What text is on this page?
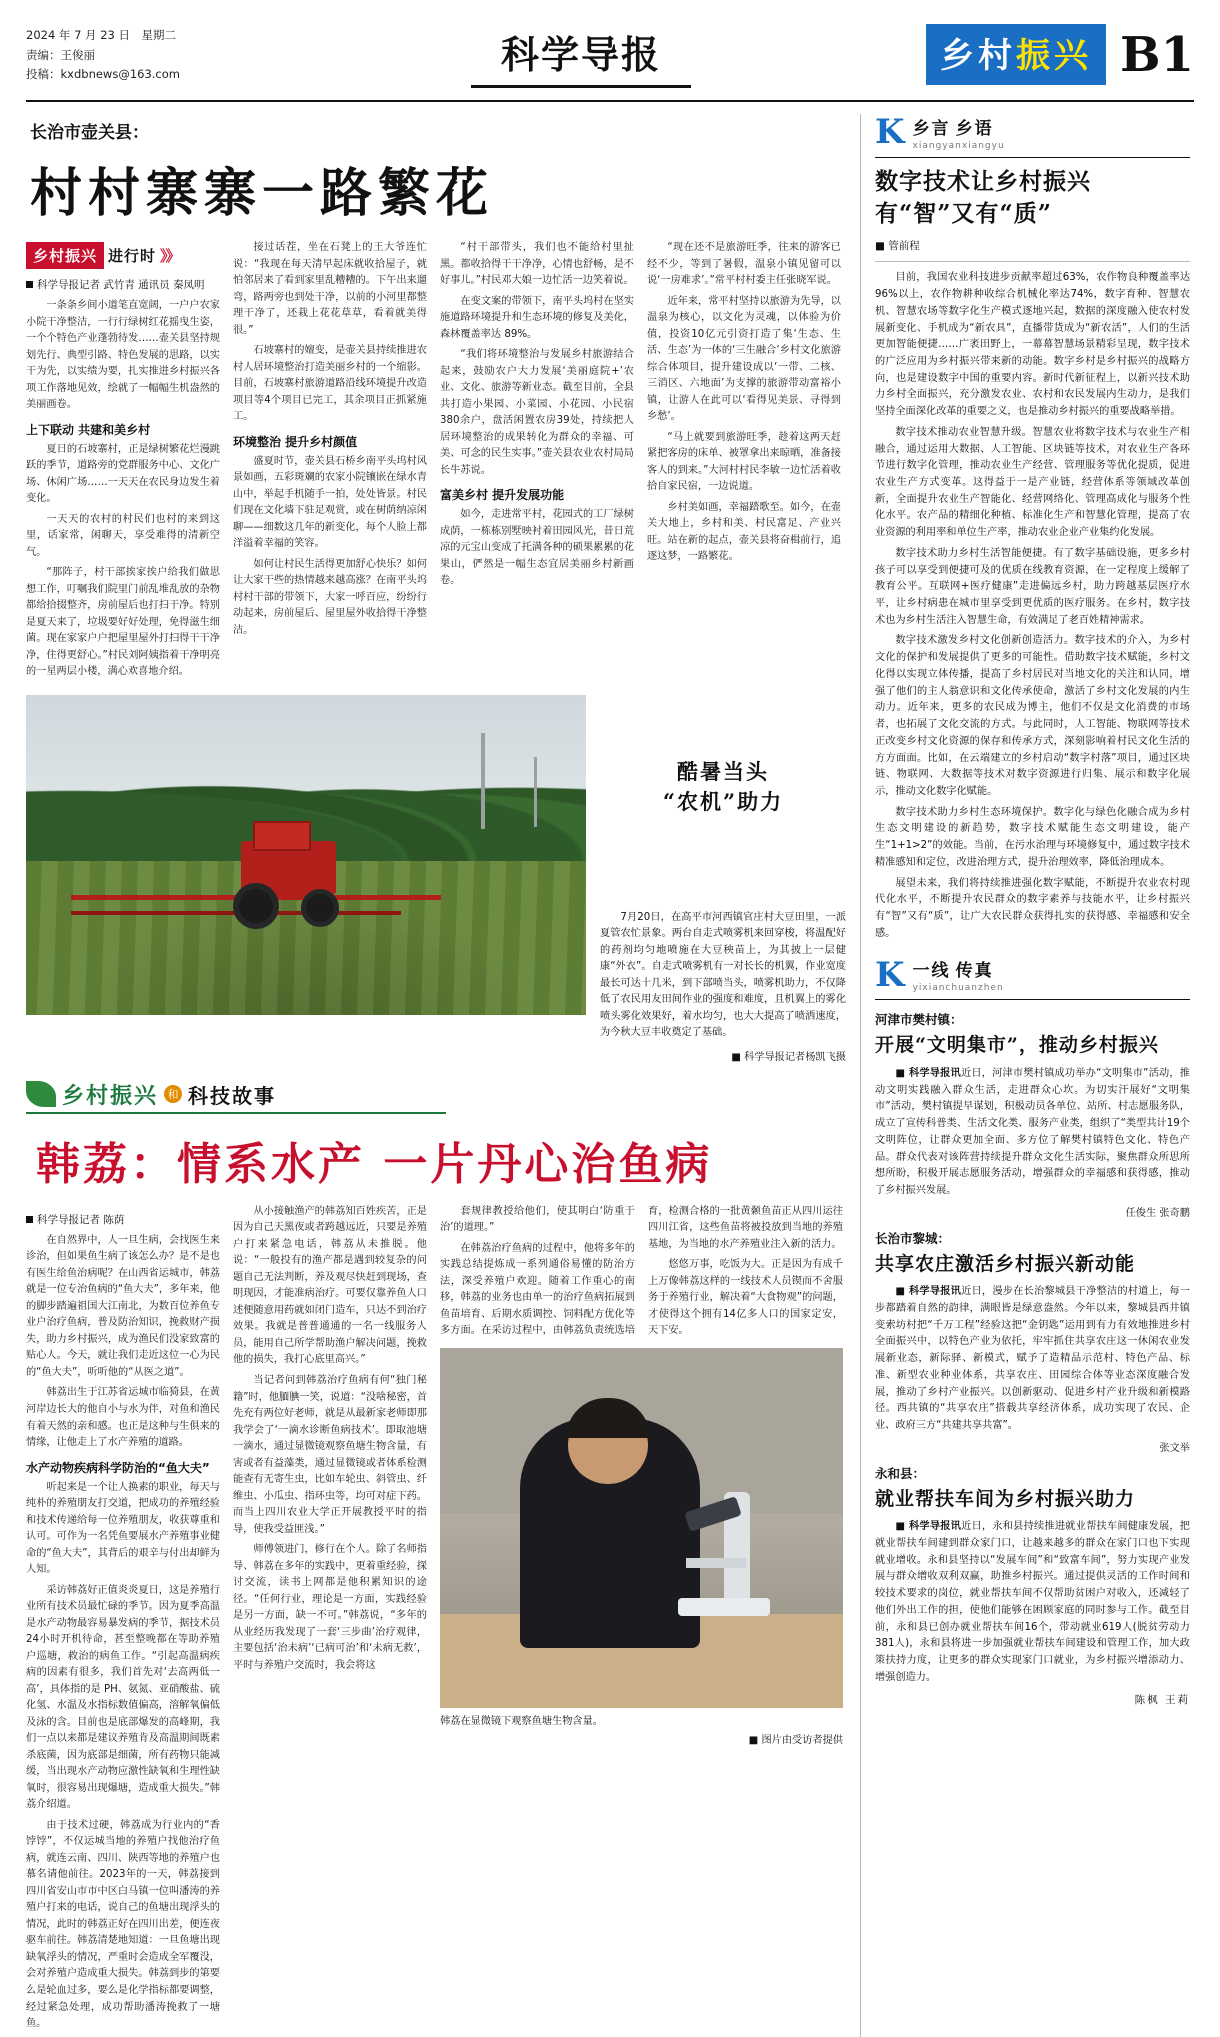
2024 年 7 月 23 日　星期二
责编：王俊丽
投稿：kxdbnews@163.com	科学导报	乡村振兴 B1
长治市壶关县：
村村寨寨一路繁花
乡村振兴 进行时 》》
科学导报记者 武竹青 通讯员 秦凤明

一条条乡间小道笔直宽阔，一户户农家小院干净整洁，一行行绿树红花摇曳生姿，一个个特色产业蓬勃待发……壶关县坚持规划先行、典型引路、特色发展的思路，以实干为先，以实绩为要，扎实推进乡村振兴各项工作落地见效，绘就了一幅幅生机盎然的美丽画卷。

上下联动 共建和美乡村

夏日的石坡寨村，正是绿树繁花烂漫跳跃的季节，道路旁的党群服务中心、文化广场、休闲广场……一天天在农民身边发生着变化。

一天天的农村的村民们也村的来到这里，话家常，闲聊天，享受难得的清新空气。

“那阵子，村干部挨家挨户给我们做思想工作，叮嘱我们院里门前乱堆乱放的杂物都给拾掇整齐，房前屋后也打扫干净。特别是夏天来了，垃圾要好好处理，免得滋生细菌。现在家家户户把屋里屋外打扫得干干净净，住得更舒心。”村民刘阿姨指着干净明亮的一星两层小楼，满心欢喜地介绍。

接过话茬，坐在石凳上的王大爷连忙说：“我现在每天清早起床就收拾屋子，就怕邻居来了看到家里乱糟糟的。下午出来遛弯，路两旁也到处干净，以前的小河里都整理干净了，还栽上花花草草，看着就美得很。”

石坡寨村的嬗变，是壶关县持续推进农村人居环境整治打造美丽乡村的一个缩影。目前，石坡寨村旅游道路沿线环境提升改造项目等4个项目已完工，其余项目正抓紧施工。

环境整治 提升乡村颜值

盛夏时节，壶关县石桥乡南平头坞村风景如画，五彩斑斓的农家小院镶嵌在绿水青山中，举起手机随手一拍，处处皆景。村民们现在文化墙下驻足观赏，或在树荫纳凉闲聊——细数这几年的新变化，每个人脸上都洋溢着幸福的笑容。

如何让村民生活得更加舒心快乐？如何让大家干些的热情越来越高涨？在南平头坞村村干部的带领下，大家一呼百应，纷纷行动起来，房前屋后、屋里屋外收拾得干净整洁。

“村干部带头，我们也不能给村里扯黑。都收拾得干干净净，心情也舒畅，是不好事儿。”村民邓大娘一边忙活一边笑着说。

在变文案的带领下，南平头坞村在坚实施道路环境提升和生态环境的修复及美化，森林覆盖率达 89%。

“我们将环境整治与发展乡村旅游结合起来，鼓励农户大力发展‘美丽庭院+’农业、文化、旅游等新业态。截至目前，全县共打造小果园、小菜园、小花园、小民宿380余户，盘活闲置农房39处，持续把人居环境整治的成果转化为群众的幸福、可美、可念的民生实事。”壶关县农业农村局局长牛苏说。

富美乡村 提升发展功能

如今，走进常平村，花园式的工厂绿树成荫，一栋栋别墅映衬着田园风光，昔日荒凉的元宝山变成了托满各种的硕果累累的花果山，俨然是一幅生态宜居美丽乡村新画卷。

“现在还不是旅游旺季，往来的游客已经不少，等到了暑假，温泉小镇见留可以说‘一房难求’。”常平村村委主任张晓军说。

近年来，常平村坚持以旅游为先导，以温泉为核心，以文化为灵魂，以体验为价值，投资10亿元引资打造了集‘生态、生活、生态’为一体的‘三生融合’乡村文化旅游综合体项目，提升建设成以‘一带、二核、三消区、六地面’为支撑的旅游带动富裕小镇，让游人在此可以‘看得见美景、寻得到乡愁’。

“马上就要到旅游旺季，趁着这两天赶紧把客房的床单、被罩拿出来晾晒，准备接客人的到来。”大河村村民李敏一边忙活着收拾自家民宿，一边说道。

乡村美如画，幸福踏歌至。如今，在壶关大地上，乡村和美、村民富足、产业兴旺。站在新的起点，壶关县将奋楫前行，追逐这梦，一路繁花。

酷暑当头
“农机”助力
7月20日，在高平市河西镇官庄村大豆田里，一派夏管农忙景象。两台自走式喷雾机来回穿梭，将温配好的药剂均匀地喷施在大豆秧苗上，为其披上一层健康“外衣”。自走式喷雾机有一对长长的机翼，作业宽度最长可达十几米，到下部喷当头，喷雾机助力，不仅降低了农民用友田间作业的强度和难度，且机翼上的雾化喷头雾化效果好，着水均匀，也大大提高了喷洒速度，为今秋大豆丰收奠定了基础。
■ 科学导报记者杨凯飞摄
乡村振兴 和 科技故事
韩荔：情系水产 一片丹心治鱼病
科学导报记者 陈荫

在自然界中，人一旦生病，会找医生来诊治，但如果鱼生病了该怎么办？是不是也有医生给鱼治病呢？在山西省运城市，韩荔就是一位专治鱼病的“鱼大夫”，多年来，他的脚步踏遍祖国大江南北，为数百位养鱼专业户治疗鱼病，普及防治知识，挽救财产损失，助力乡村振兴，成为渔民们没家致富的贴心人。今天，就让我们走近这位一心为民的“鱼大夫”，听听他的“从医之道”。

韩荔出生于江苏省运城市临猗县，在黄河岸边长大的他自小与水为伴，对鱼和渔民有着天然的亲和感。也正是这种与生俱来的情缘，让他走上了水产养殖的道路。

水产动物疾病科学防治的“鱼大夫”

听起来是一个让人换素的职业，每天与纯朴的养殖朋友打交道，把成功的养殖经验和技术传递给每一位养殖朋友，收获尊重和认可。可作为一名凭鱼要展水产养殖事业健命的“鱼大夫”，其背后的艰辛与付出却鲜为人知。

采访韩荔好正值炎炎夏日，这是养殖行业所有技术员最忙碌的季节。因为夏季高温是水产动物最容易暴发病的季节，据技术员24小时开机待命，甚至整晚都在等助养殖户巡塘，救治的病鱼工作。“引起高温病疾病的因素有很多，我们首先对‘去高两低一高’，具体指的是 PH、氨氮、亚硝酸盐、硫化氢、水温及水指标数值偏高，溶解氧偏低及泳的含。目前也是底部爆发的高峰期，我们一点以来都是建议养殖肯及高温期间既素杀底菌，因为底部是细菌，所有药物只能减缓，当出现水产动物应激性缺氧和生理性缺氧时，很容易出现爆塘，造成重大损失。”韩荔介绍道。

由于技术过硬，韩荔成为行业内的“香饽饽”，不仅运城当地的养殖户找他治疗鱼病，就连云南、四川、陕西等地的养殖户也慕名请他前往。2023年的一天，韩荔接到四川省安山市市中区白马镇一位叫潘涛的养殖户打来的电话，说自己的鱼塘出现浮头的情况，此时的韩荔正好在四川出差，便连夜驱车前往。韩荔清楚地知道：一旦鱼塘出现缺氧浮头的情况，严重时会造成全军覆没，会对养殖户造成重大损失。韩荔到步的第要么是轮血过多，要么是化学指标都要调整，经过紧急处理，成功帮助潘涛挽救了一塘鱼。

从小接触渔产的韩荔知百姓疾苦，正是因为自己天黑夜或者跨越远近，只要是养殖户打来紧急电话，韩荔从未推脱。他说：“一般投有的渔产都是遇到较复杂的问题自己无法判断，养及观尽快赶到现场，查明现因，才能准病治疗。可要仅靠养鱼人口述便随意用药就如闭门造车，只达不到治疗效果。我就是普普通通的一名一线服务人员，能用自己所学帮助渔户解决问题，挽救他的损失，我打心底里高兴。”

当记者问到韩荔治疗鱼病有何“独门秘籍”时，他腼腆一笑，说道：“没啥秘密，首先充有两位好老师，就是从最新家老师即那我学会了‘一滴水诊断鱼病技术’。即取池塘一滴水，通过显微镜观察鱼塘生物含量，有害或者有益藻类，通过显微镜或者体系检测能查有无寄生虫，比如车轮虫、斜管虫、纤维虫、小瓜虫、指环虫等，均可对症下药。而当上四川农业大学正开展教授平时的指导，使我受益匪浅。”

师傅领进门，修行在个人。除了名师指导、韩荔在多年的实践中，更着重经验，探讨交流，读书上网都是他积累知识的途径。“任何行业，理论是一方面，实践经验是另一方面，缺一不可。”韩荔说，“多年的从业经历我发现了一套‘三步曲’治疗观律，主要包括‘治未病’‘已病可治’和‘未病无救’，平时与养殖户交流时，我会将这

套规律教授给他们，使其明白‘防重于治’的道理。”

在韩荔治疗鱼病的过程中，他将多年的实践总结提炼成一系列通俗易懂的防治方法，深受养殖户欢迎。随着工作重心的南移，韩荔的业务也由单一的治疗鱼病拓展到鱼苗培育、后期水质调控、饲料配方优化等多方面。在采访过程中，由韩荔负责统选培育，检测合格的一批黄颡鱼苗正从四川运往四川江省，这些鱼苗将被投放到当地的养殖基地，为当地的水产养殖业注入新的活力。

悠悠万事，吃饭为大。正是因为有成千上万像韩荔这样的一线技术人员锲而不舍服务于养殖行业，解决着“大食物观”的问题，才使得这个拥有14亿多人口的国家定安，天下安。

韩荔在显微镜下观察鱼塘生物含量。
■ 图片由受访者提供
K 乡言 乡语
xiangyanxiangyu
数字技术让乡村振兴有“智”又有“质”
■ 管前程

目前，我国农业科技进步贡献率超过63%，农作物良种覆盖率达96%以上，农作物耕种收综合机械化率达74%，数字育种、智慧农机、智慧农场等数字化生产模式逐地兴起，数据的深度融入使农村发展新变化、手机成为“新农具”，直播带货成为“新农活”，人们的生活更加智能便捷……广袤田野上，一幕幕智慧场景精彩呈现，数字技术的广泛应用为乡村振兴带来新的动能。数字乡村是乡村振兴的战略方向，也是建设数字中国的重要内容。新时代新征程上，以新兴技术助力乡村全面振兴，充分激发农业、农村和农民发展内生动力，是我们坚持全面深化改革的重要之义，也是推动乡村振兴的重要战略举措。

数字技术推动农业智慧升级。智慧农业将数字技术与农业生产相融合，通过运用大数据、人工智能、区块链等技术，对农业生产各环节进行数字化管理，推动农业生产经营、管理服务等优化提质，促进农业生产方式变革。这得益于一是产业链，经营体系等领域改革创新，全面提升农业生产智能化、经营网络化、管理高成化与服务个性化水平。农产品的精细化种植、标准化生产和智慧化管理，提高了农业资源的利用率和单位生产率，推动农业企业产业集约化发展。

数字技术助力乡村生活智能便捷。有了数字基础设施，更多乡村孩子可以享受到便捷可及的优质在线教育资源，在一定程度上缓解了教育公平。互联网+医疗健康”走进偏远乡村，助力跨越基层医疗水平，让乡村病患在城市里享受到更优质的医疗服务。在乡村，数字技术也为乡村生活注入智慧生命，有效满足了老百姓精神需求。

数字技术激发乡村文化创新创造活力。数字技术的介入，为乡村文化的保护和发展提供了更多的可能性。借助数字技术赋能，乡村文化得以实现立体传播，提高了乡村居民对当地文化的关注和认同，增强了他们的主人翁意识和文化传承使命，激活了乡村文化发展的内生动力。近年来，更多的农民成为博主，他们不仅是文化消费的市场者，也拓展了文化交流的方式。与此同时，人工智能、物联网等技术正改变乡村文化资源的保存和传承方式，深刻影响着村民文化生活的方方面面。比如，在云端建立的乡村启动“数字村落”项目，通过区块链、物联网、大数据等技术对数字资源进行归集、展示和数字化展示，推动文化数字化赋能。

数字技术助力乡村生态环境保护。数字化与绿色化融合成为乡村生态文明建设的新趋势，数字技术赋能生态文明建设，能产生“1+1>2”的效能。当前，在污水治理与环境修复中，通过数字技术精准感知和定位，改进治理方式，提升治理效率，降低治理成本。

展望未来，我们将持续推进强化数字赋能，不断提升农业农村现代化水平，不断提升农民群众的数字素养与技能水平，让乡村振兴有“智”又有“质”，让广大农民群众获得扎实的获得感、幸福感和安全感。

K 一线 传真
yixianchuanzhen
河津市樊村镇：
开展“文明集市”，推动乡村振兴

■ 科学导报讯近日，河津市樊村镇成功举办“文明集市”活动，推动文明实践融入群众生活，走进群众心坎。为切实汗展好“文明集市”活动，樊村镇提早谋划，积极动员各单位、站所、村志愿服务队，成立了宣传科普类、生活文化类、服务产业类，组织了“类型共计19个文明阵位，让群众更加全面、多方位了解樊村镇特色文化、特色产品。群众代表对该阵营持续提升群众文化生活实际，聚焦群众所思所想所盼，积极开展志愿服务活动，增强群众的幸福感和获得感，推动了乡村振兴发展。

任俊生 张奇鹏
长治市黎城：
共享农庄激活乡村振兴新动能

■ 科学导报讯近日，漫步在长治黎城县干净整洁的村道上，每一步都踏着自然的韵律，满眼皆是绿意盎然。今年以来，黎城县西井镇变索坊村把“千万工程”经验这把“金钥匙”运用到有力有效地推进乡村全面振兴中，以特色产业为依托，牢牢抓住共享农庄这一休闲农业发展新业态，新际驿、新模式，赋予了造精品示范村、特色产品、标准、新型农业种业体系，共享农庄、田园综合体等业态深度融合发展，推动了乡村产业振兴。以创新驱动、促进乡村产业升级和新模路径。西共镇的“共享农庄”搭载共享经济体系，成功实现了农民、企业、政府三方“共建共享共富”。

张文举
永和县：
就业帮扶车间为乡村振兴助力

■ 科学导报讯近日，永和县持续推进就业帮扶车间健康发展，把就业帮扶车间建到群众家门口，让越来越多的群众在家门口也下实现就业增收。永和县坚持以“发展车间”和“致富车间”，努力实现产业发展与群众增收双利双赢，助推乡村振兴。通过提供灵活的工作时间和较技术要求的岗位，就业帮扶车间不仅帮助贫困户对收入，还减轻了他们外出工作的担，使他们能够在困顾家庭的同时参与工作。截至目前，永和县已创办就业帮扶车间16个，带动就业619人(脱贫劳动力381人)，永和县将进一步加强就业帮扶车间建设和管理工作，加大政策扶持力度，让更多的群众实现家门口就业，为乡村振兴增添动力、增强创造力。

陈枫 王莉
